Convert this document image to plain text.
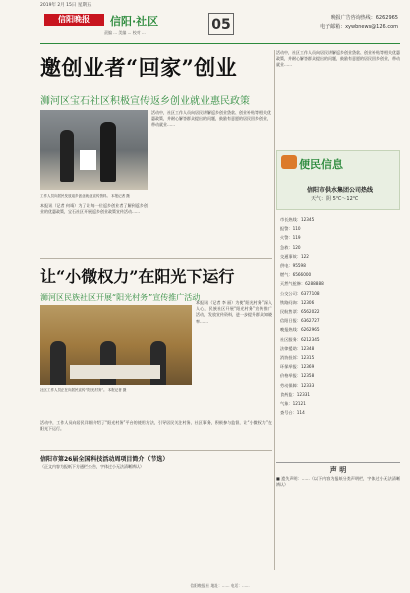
2019年 2月 15日 星期五
信阳晚报	信阳·社区	05
责编 ... 美编 ... 校对 ...
晚报广告咨询热线：6262965
电子邮箱：xywbnews@126.com
邀创业者“回家”创业
浉河区宝石社区积极宣传返乡创业就业惠民政策
工作人员向居民发放返乡创业就业宣传资料。 本报记者 摄
本报讯（记者 何靖）为了让每一位返乡创业者了解到返乡创业的优惠政策，宝石社区开展返乡创业政策宣传活动……
活动中，社区工作人员向居民讲解返乡创业贷款、创业补贴等相关优惠政策，并耐心解答群众提出的问题，鼓励有意愿的居民回乡创业，带动就业……
让“小微权力”在阳光下运行
浉河区民族社区开展“阳光村务”宣传推广活动
社区工作人员正在向居民宣传“阳光村务”。 本报记者 摄
本报讯（记者 李 丽）为使“阳光村务”深入人心，民族社区开展“阳光村务”宣传推广活动，发放宣传资料，进一步提升群众知晓率……
活动中，工作人员向居民详细介绍了“阳光村务”平台的使用方法，引导居民关注村务、社区事务，积极参与监督，让“小微权力”在阳光下运行。
活动中，社区工作人员向居民讲解返乡创业贷款、创业补贴等相关优惠政策，并耐心解答群众提出的问题，鼓励有意愿的居民回乡创业，带动就业……
便民信息
信阳市供水集团公司热线
天气：阴 5℃～12℃
市长热线：12345
报警：110
火警：119
急救：120
交通事故：122
供电：95598
燃气：6566000
天然气抢修：6288888
公交公司：6377108
铁路问询：12306
民航售票：6562022
信阳日报：6362727
晚报热线：6262965
社区服务：6212345
法律援助：12348
消协投诉：12315
环保举报：12369
价格举报：12358
劳动保障：12333
食药监：12331
气象：12121
查号台：114
声 明
■ 遗失声明：……（以下内容为报纸分类声明栏，字体过小无法清晰辨认）
信阳市第26届全国科技活动周项目简介（节选）
（正文内容为报纸下方通栏公告，字体过小无法清晰辨认）
信阳晚报社 地址：…… 电话：……
